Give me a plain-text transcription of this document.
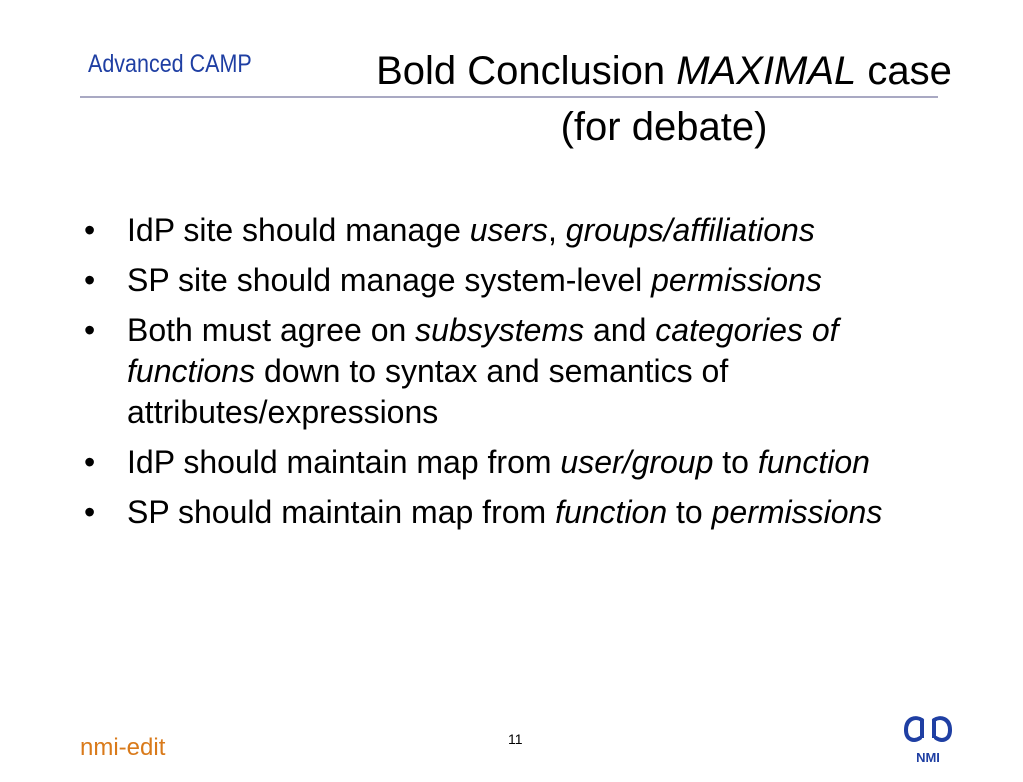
Advanced CAMP	Bold Conclusion MAXIMAL case
(for debate)
• IdP site should manage users, groups/affiliations
• SP site should manage system-level permissions
• Both must agree on subsystems and categories of functions down to syntax and semantics of attributes/expressions
• IdP should maintain map from user/group to function
• SP should maintain map from function to permissions
11
nmi-edit	NMI
